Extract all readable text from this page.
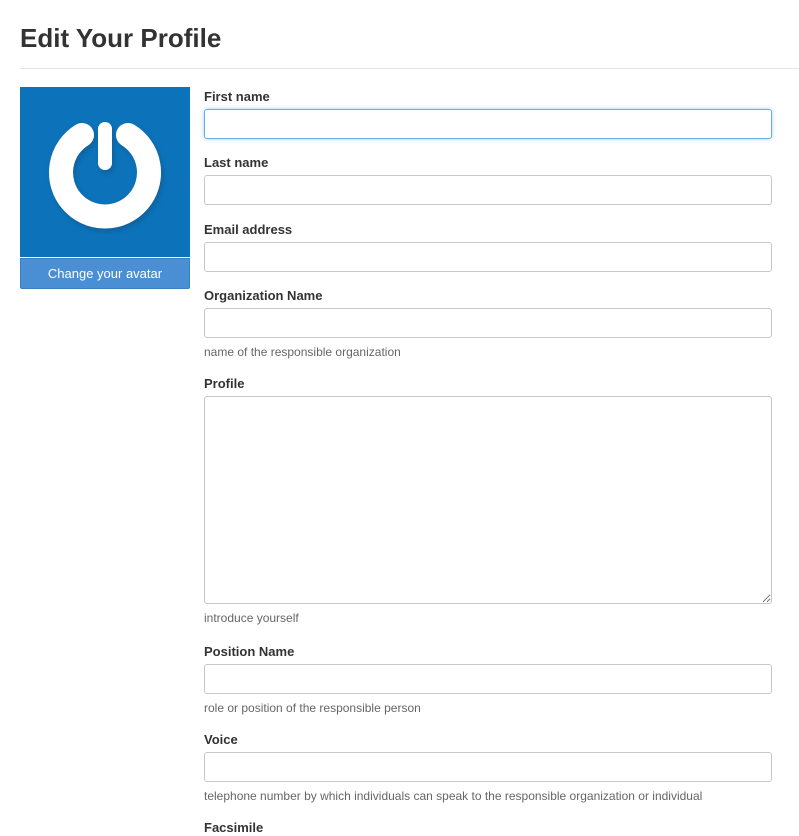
Edit Your Profile
Change your avatar
First name
Last name
Email address
Organization Name
name of the responsible organization
Profile
introduce yourself
Position Name
role or position of the responsible person
Voice
telephone number by which individuals can speak to the responsible organization or individual
Facsimile
